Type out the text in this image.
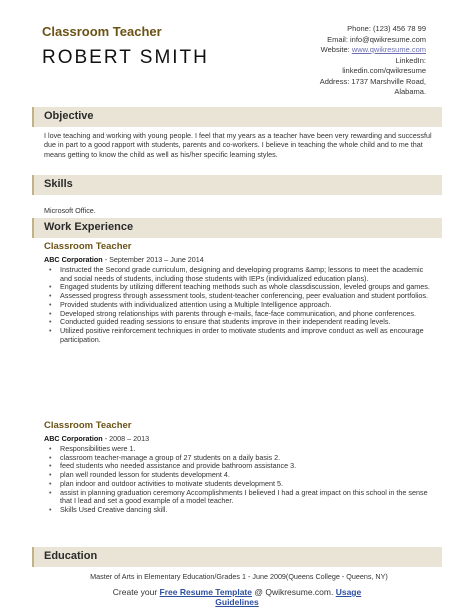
Classroom Teacher
ROBERT SMITH
Phone: (123) 456 78 99
Email: info@qwikresume.com
Website: www.qwikresume.com
LinkedIn:
linkedin.com/qwikresume
Address: 1737 Marshville Road,
Alabama.
Objective
I love teaching and working with young people. I feel that my years as a teacher have been very rewarding and successful due in part to a good rapport with students, parents and co-workers. I believe in teaching the whole child and to me that means getting to know the child as well as his/her specific learning styles.
Skills
Microsoft Office.
Work Experience
Classroom Teacher
ABC Corporation - September 2013 – June 2014
• Instructed the Second grade curriculum, designing and developing programs &amp; lessons to meet the academic and social needs of students, including those students with IEPs (individualized education plans).
• Engaged students by utilizing different teaching methods such as whole classdiscussion, leveled groups and games.
• Assessed progress through assessment tools, student-teacher conferencing, peer evaluation and student portfolios.
• Provided students with individualized attention using a Multiple Intelligence approach.
• Developed strong relationships with parents through e-mails, face-face communication, and phone conferences.
• Conducted guided reading sessions to ensure that students improve in their independent reading levels.
• Utilized positive reinforcement techniques in order to motivate students and improve conduct as well as encourage participation.
Classroom Teacher
ABC Corporation - 2008 – 2013
• Responsibilities were 1.
• classroom teacher-manage a group of 27 students on a daily basis 2.
• feed students who needed assistance and provide bathroom assistance 3.
• plan well rounded lesson for students development 4.
• plan indoor and outdoor activities to motivate students development 5.
• assist in planning graduation ceremony Accomplishments I believed I had a great impact on this school in the sense that I lead and set a good example of a model teacher.
• Skills Used Creative dancing skill.
Education
Master of Arts in Elementary Education/Grades 1 - June 2009(Queens College - Queens, NY)
Create your Free Resume Template @ Qwikresume.com. Usage
Guidelines
